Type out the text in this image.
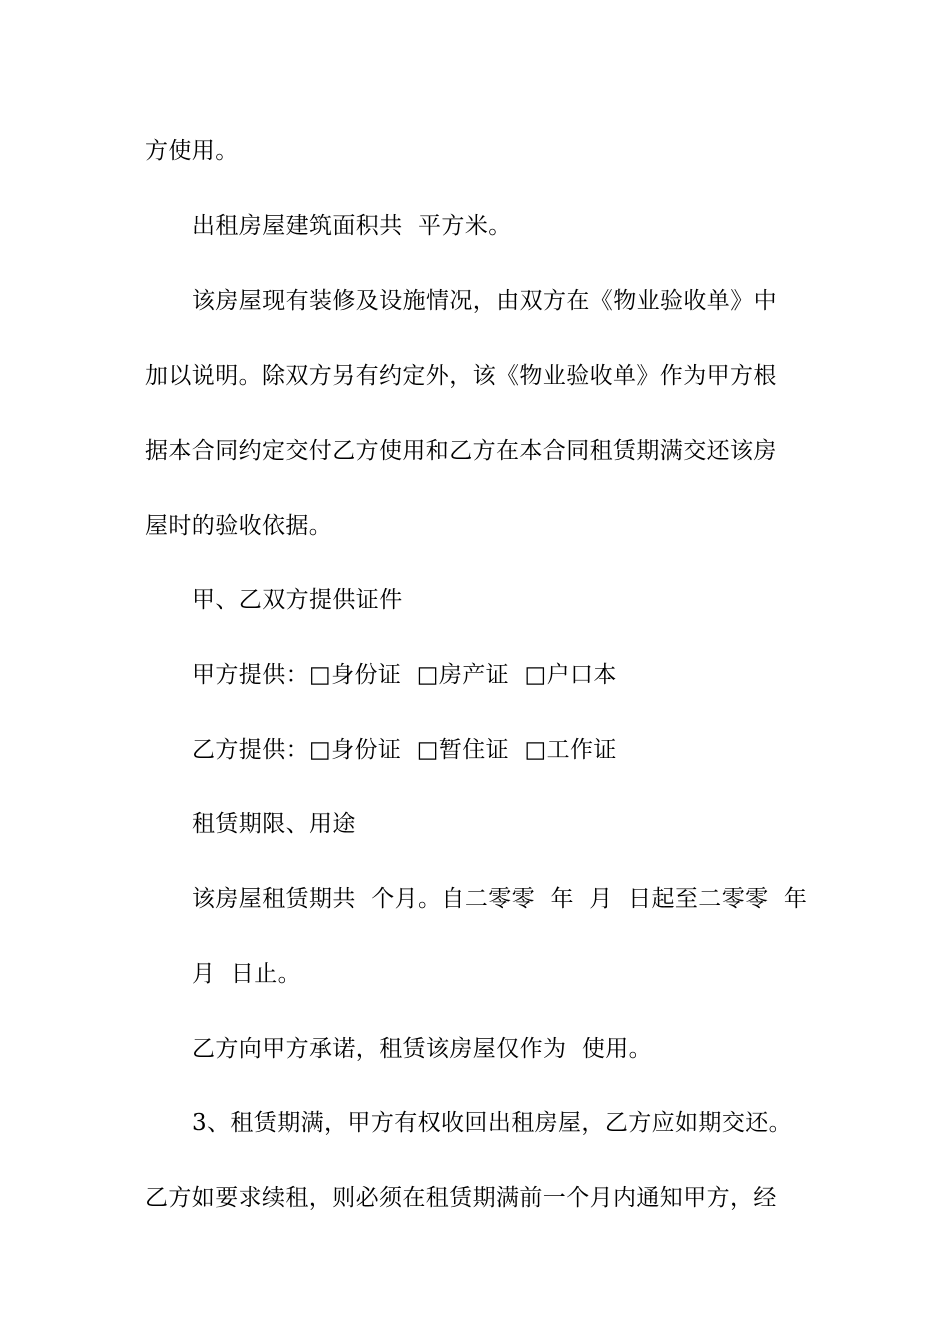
方使用。
出租房屋建筑面积共  平方米。
该房屋现有装修及设施情况，由双方在《物业验收单》中
加以说明。除双方另有约定外，该《物业验收单》作为甲方根
据本合同约定交付乙方使用和乙方在本合同租赁期满交还该房
屋时的验收依据。
甲、乙双方提供证件
甲方提供：□身份证  □房产证  □户口本
乙方提供：□身份证  □暂住证  □工作证
租赁期限、用途
该房屋租赁期共  个月。自二零零  年  月  日起至二零零  年
月  日止。
乙方向甲方承诺，租赁该房屋仅作为  使用。
3、租赁期满，甲方有权收回出租房屋，乙方应如期交还。
乙方如要求续租，则必须在租赁期满前一个月内通知甲方，经
